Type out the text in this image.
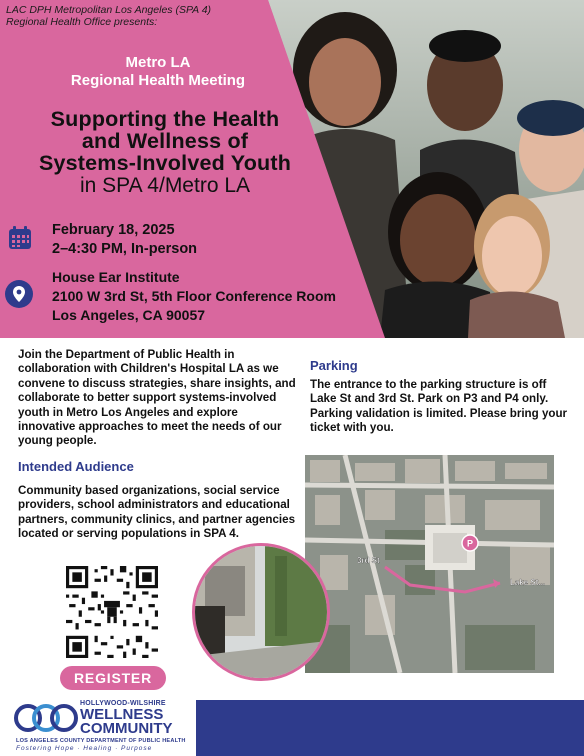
LAC DPH Metropolitan Los Angeles (SPA 4)
Regional Health Office presents:
Metro LA
Regional Health Meeting
Supporting the Health
and Wellness of
Systems-Involved Youth
in SPA 4/Metro LA
February 18, 2025
2–4:30 PM, In-person
House Ear Institute
2100 W 3rd St, 5th Floor Conference Room
Los Angeles, CA 90057
Join the Department of Public Health in collaboration with Children's Hospital LA as we convene to discuss strategies, share insights, and collaborate to better support systems-involved youth in Metro Los Angeles and explore innovative approaches to meet the needs of our young people.
Intended Audience
Community based organizations, social service providers, school administrators and educational partners, community clinics, and partner agencies located or serving populations in SPA 4.
Parking
The entrance to the parking structure is off Lake St and 3rd St. Park on P3 and P4 only. Parking validation is limited. Please bring your ticket with you.
3rd St
Lake St...
P
REGISTER
HOLLYWOOD-WILSHIRE
WELLNESS
COMMUNITY
LOS ANGELES COUNTY DEPARTMENT OF PUBLIC HEALTH
Fostering Hope · Healing · Purpose
